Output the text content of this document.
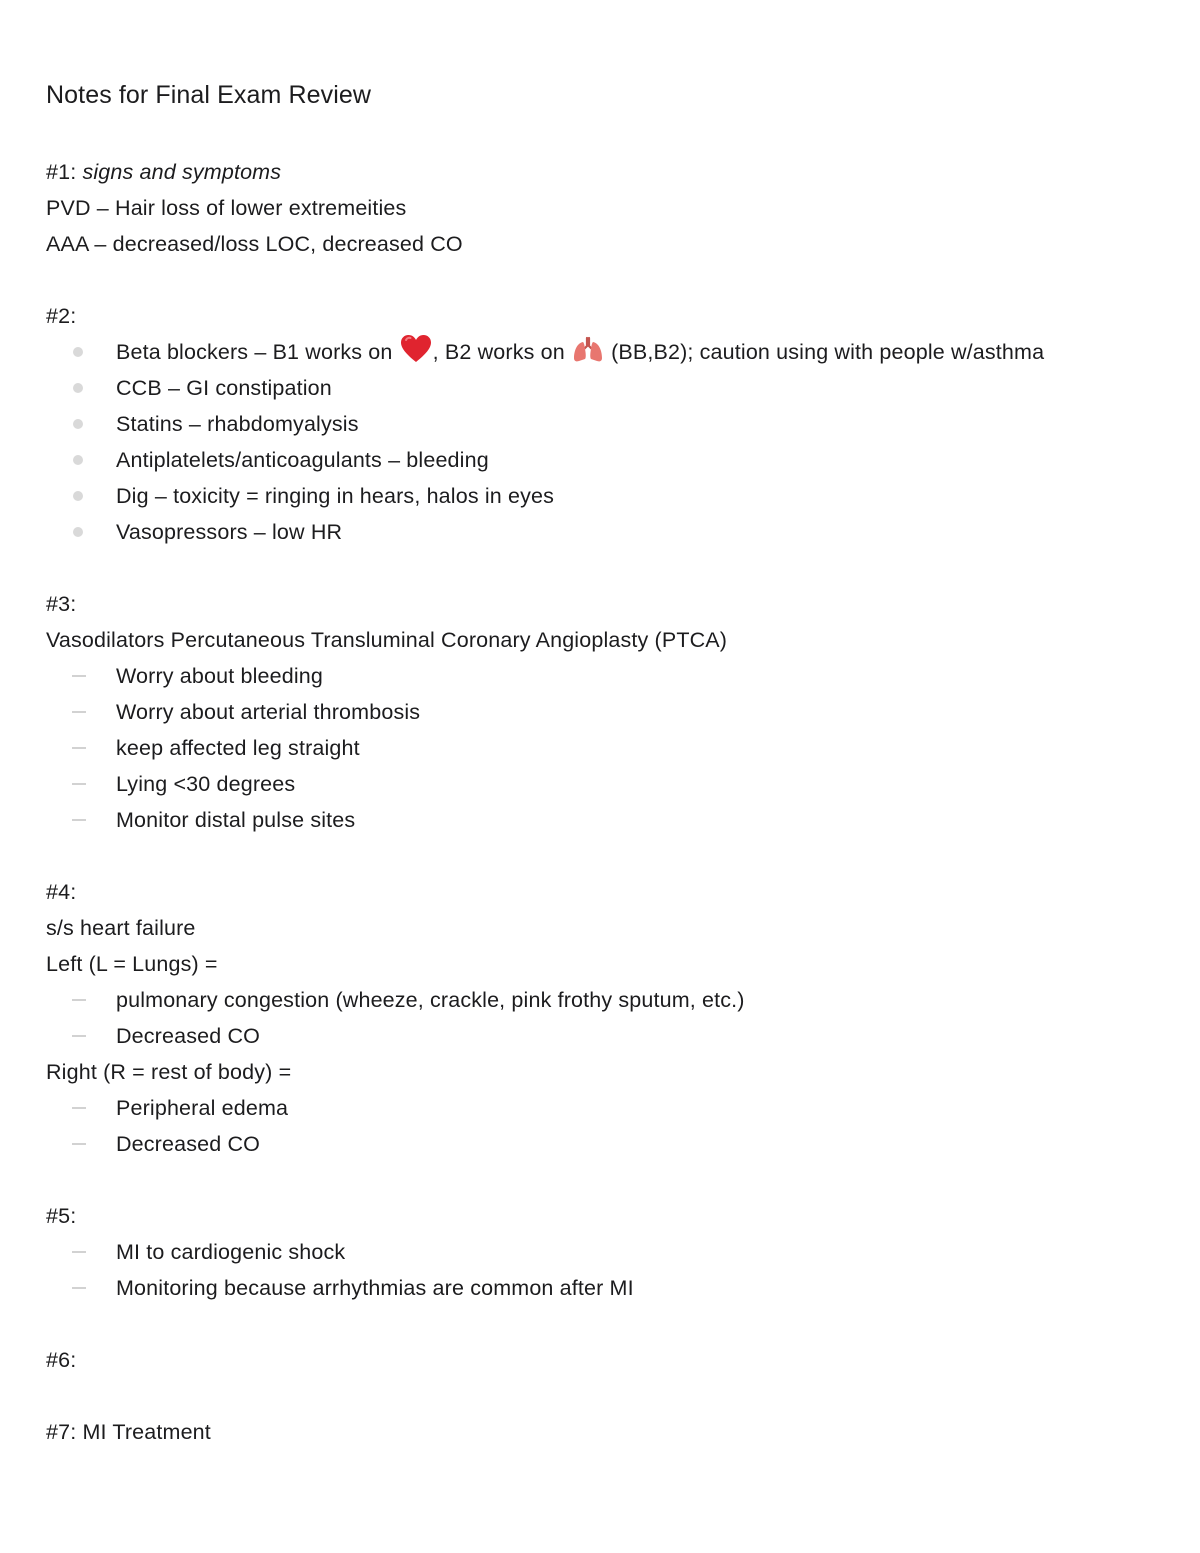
Notes for Final Exam Review
#1: signs and symptoms
PVD – Hair loss of lower extremeities
AAA – decreased/loss LOC, decreased CO
#2:
Beta blockers – B1 works on , B2 works on  (BB,B2); caution using with people w/asthma
CCB – GI constipation
Statins – rhabdomyalysis
Antiplatelets/anticoagulants – bleeding
Dig – toxicity = ringing in hears, halos in eyes
Vasopressors – low HR
#3:
Vasodilators Percutaneous Transluminal Coronary Angioplasty (PTCA)
Worry about bleeding
Worry about arterial thrombosis
keep affected leg straight
Lying <30 degrees
Monitor distal pulse sites
#4:
s/s heart failure
Left (L = Lungs) =
pulmonary congestion (wheeze, crackle, pink frothy sputum, etc.)
Decreased CO
Right (R = rest of body) =
Peripheral edema
Decreased CO
#5:
MI to cardiogenic shock
Monitoring because arrhythmias are common after MI
#6:
#7: MI Treatment
